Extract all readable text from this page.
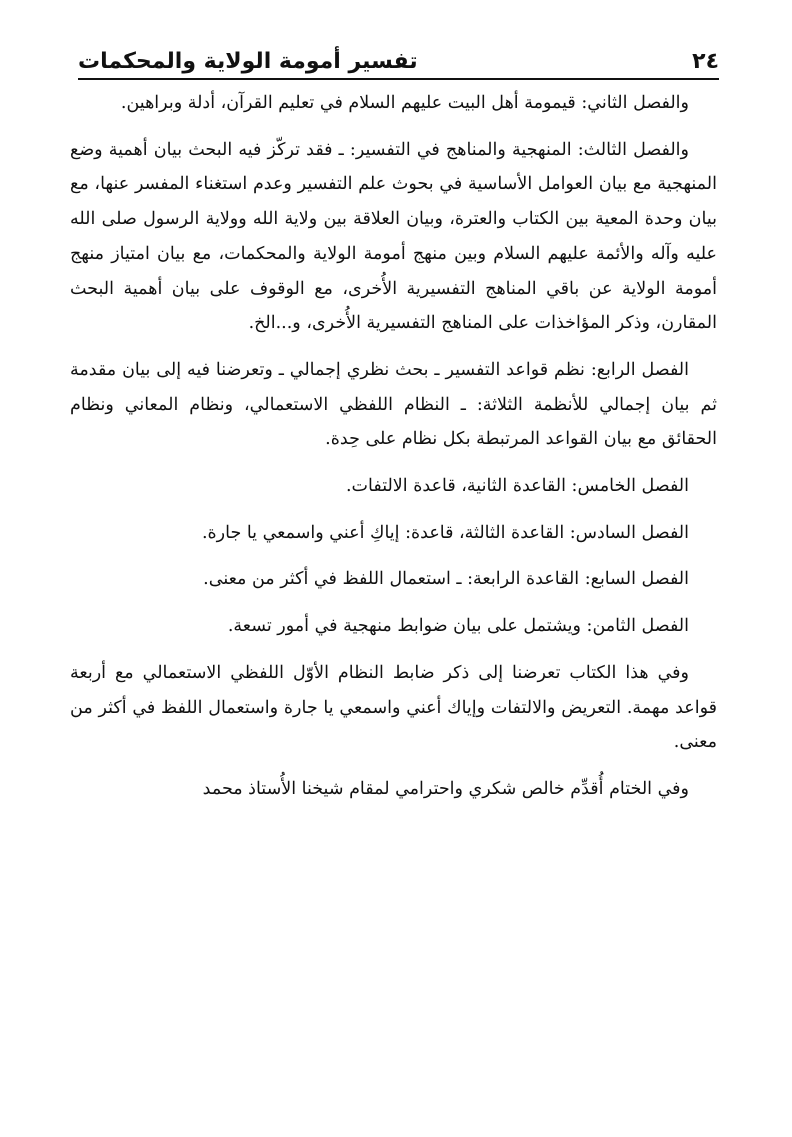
٢٤
تفسير أمومة الولاية والمحكمات

والفصل الثاني: قيمومة أهل البيت عليهم السلام في تعليم القرآن، أدلة وبراهين.

والفصل الثالث: المنهجية والمناهج في التفسير: ـ فقد تركّز فيه البحث بيان أهمية وضع المنهجية مع بيان العوامل الأساسية في بحوث علم التفسير وعدم استغناء المفسر عنها، مع بيان وحدة المعية بين الكتاب والعترة، وبيان العلاقة بين ولاية الله وولاية الرسول صلى الله عليه وآله والأئمة عليهم السلام وبين منهج أمومة الولاية والمحكمات، مع بيان امتياز منهج أمومة الولاية عن باقي المناهج التفسيرية الأُخرى، مع الوقوف على بيان أهمية البحث المقارن، وذكر المؤاخذات على المناهج التفسيرية الأُخرى، و...الخ.

الفصل الرابع: نظم قواعد التفسير ـ بحث نظري إجمالي ـ وتعرضنا فيه إلى بيان مقدمة ثم بيان إجمالي للأنظمة الثلاثة: ـ النظام اللفظي الاستعمالي، ونظام المعاني ونظام الحقائق مع بيان القواعد المرتبطة بكل نظام على حِدة.

الفصل الخامس: القاعدة الثانية، قاعدة الالتفات.

الفصل السادس: القاعدة الثالثة، قاعدة: إياكِ أعني واسمعي يا جارة.

الفصل السابع: القاعدة الرابعة: ـ استعمال اللفظ في أكثر من معنى.

الفصل الثامن: ويشتمل على بيان ضوابط منهجية في أمور تسعة.

وفي هذا الكتاب تعرضنا إلى ذكر ضابط النظام الأوّل اللفظي الاستعمالي مع أربعة قواعد مهمة. التعريض والالتفات وإياك أعني واسمعي يا جارة واستعمال اللفظ في أكثر من معنى.

وفي الختام أُقدِّم خالص شكري واحترامي لمقام شيخنا الأُستاذ محمد
